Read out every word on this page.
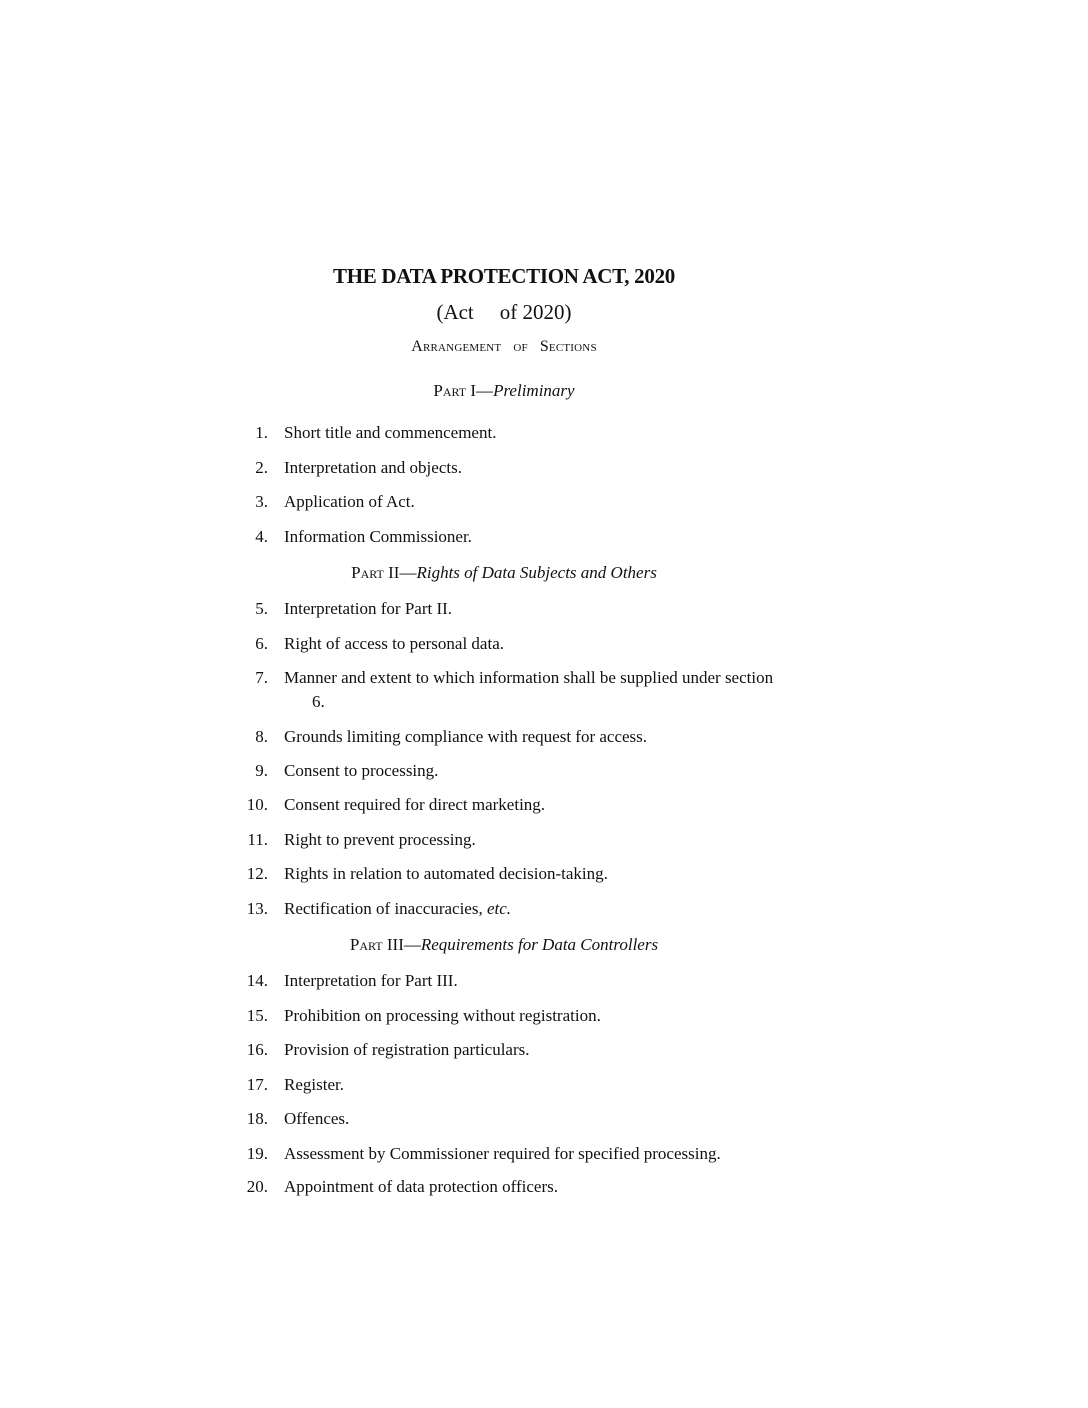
THE DATA PROTECTION ACT, 2020
(Act of 2020)
Arrangement of Sections
Part I—Preliminary
1. Short title and commencement.
2. Interpretation and objects.
3. Application of Act.
4. Information Commissioner.
Part II—Rights of Data Subjects and Others
5. Interpretation for Part II.
6. Right of access to personal data.
7. Manner and extent to which information shall be supplied under section
6.
8. Grounds limiting compliance with request for access.
9. Consent to processing.
10. Consent required for direct marketing.
11. Right to prevent processing.
12. Rights in relation to automated decision-taking.
13. Rectification of inaccuracies, etc.
Part III—Requirements for Data Controllers
14. Interpretation for Part III.
15. Prohibition on processing without registration.
16. Provision of registration particulars.
17. Register.
18. Offences.
19. Assessment by Commissioner required for specified processing.
20. Appointment of data protection officers.
